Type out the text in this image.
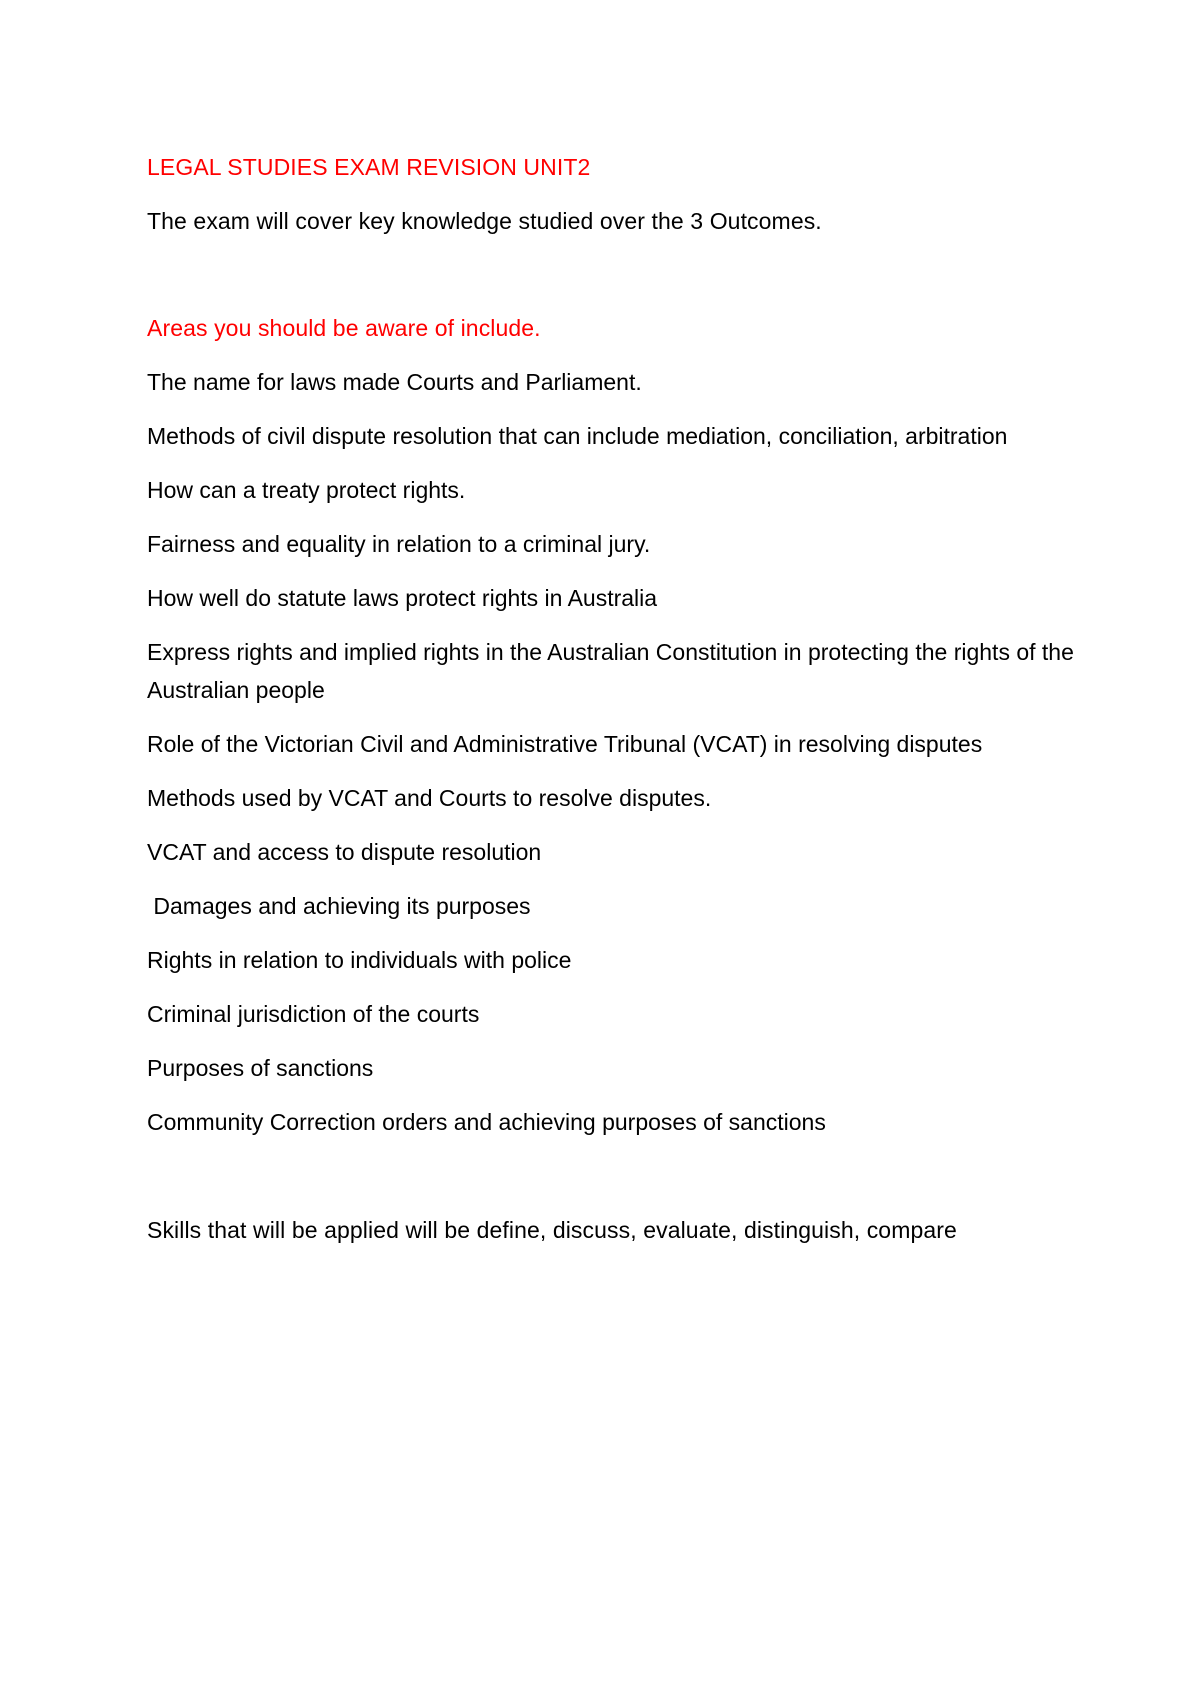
LEGAL STUDIES EXAM REVISION UNIT2

The exam will cover key knowledge studied over the 3 Outcomes.

Areas you should be aware of include.

The name for laws made Courts and Parliament.
Methods of civil dispute resolution that can include mediation, conciliation, arbitration
How can a treaty protect rights.
Fairness and equality in relation to a criminal jury.
How well do statute laws protect rights in Australia
Express rights and implied rights in the Australian Constitution in protecting the rights of the Australian people
Role of the Victorian Civil and Administrative Tribunal (VCAT) in resolving disputes
Methods used by VCAT and Courts to resolve disputes.
VCAT and access to dispute resolution
Damages and achieving its purposes
Rights in relation to individuals with police
Criminal jurisdiction of the courts
Purposes of sanctions
Community Correction orders and achieving purposes of sanctions

Skills that will be applied will be define, discuss, evaluate, distinguish, compare
